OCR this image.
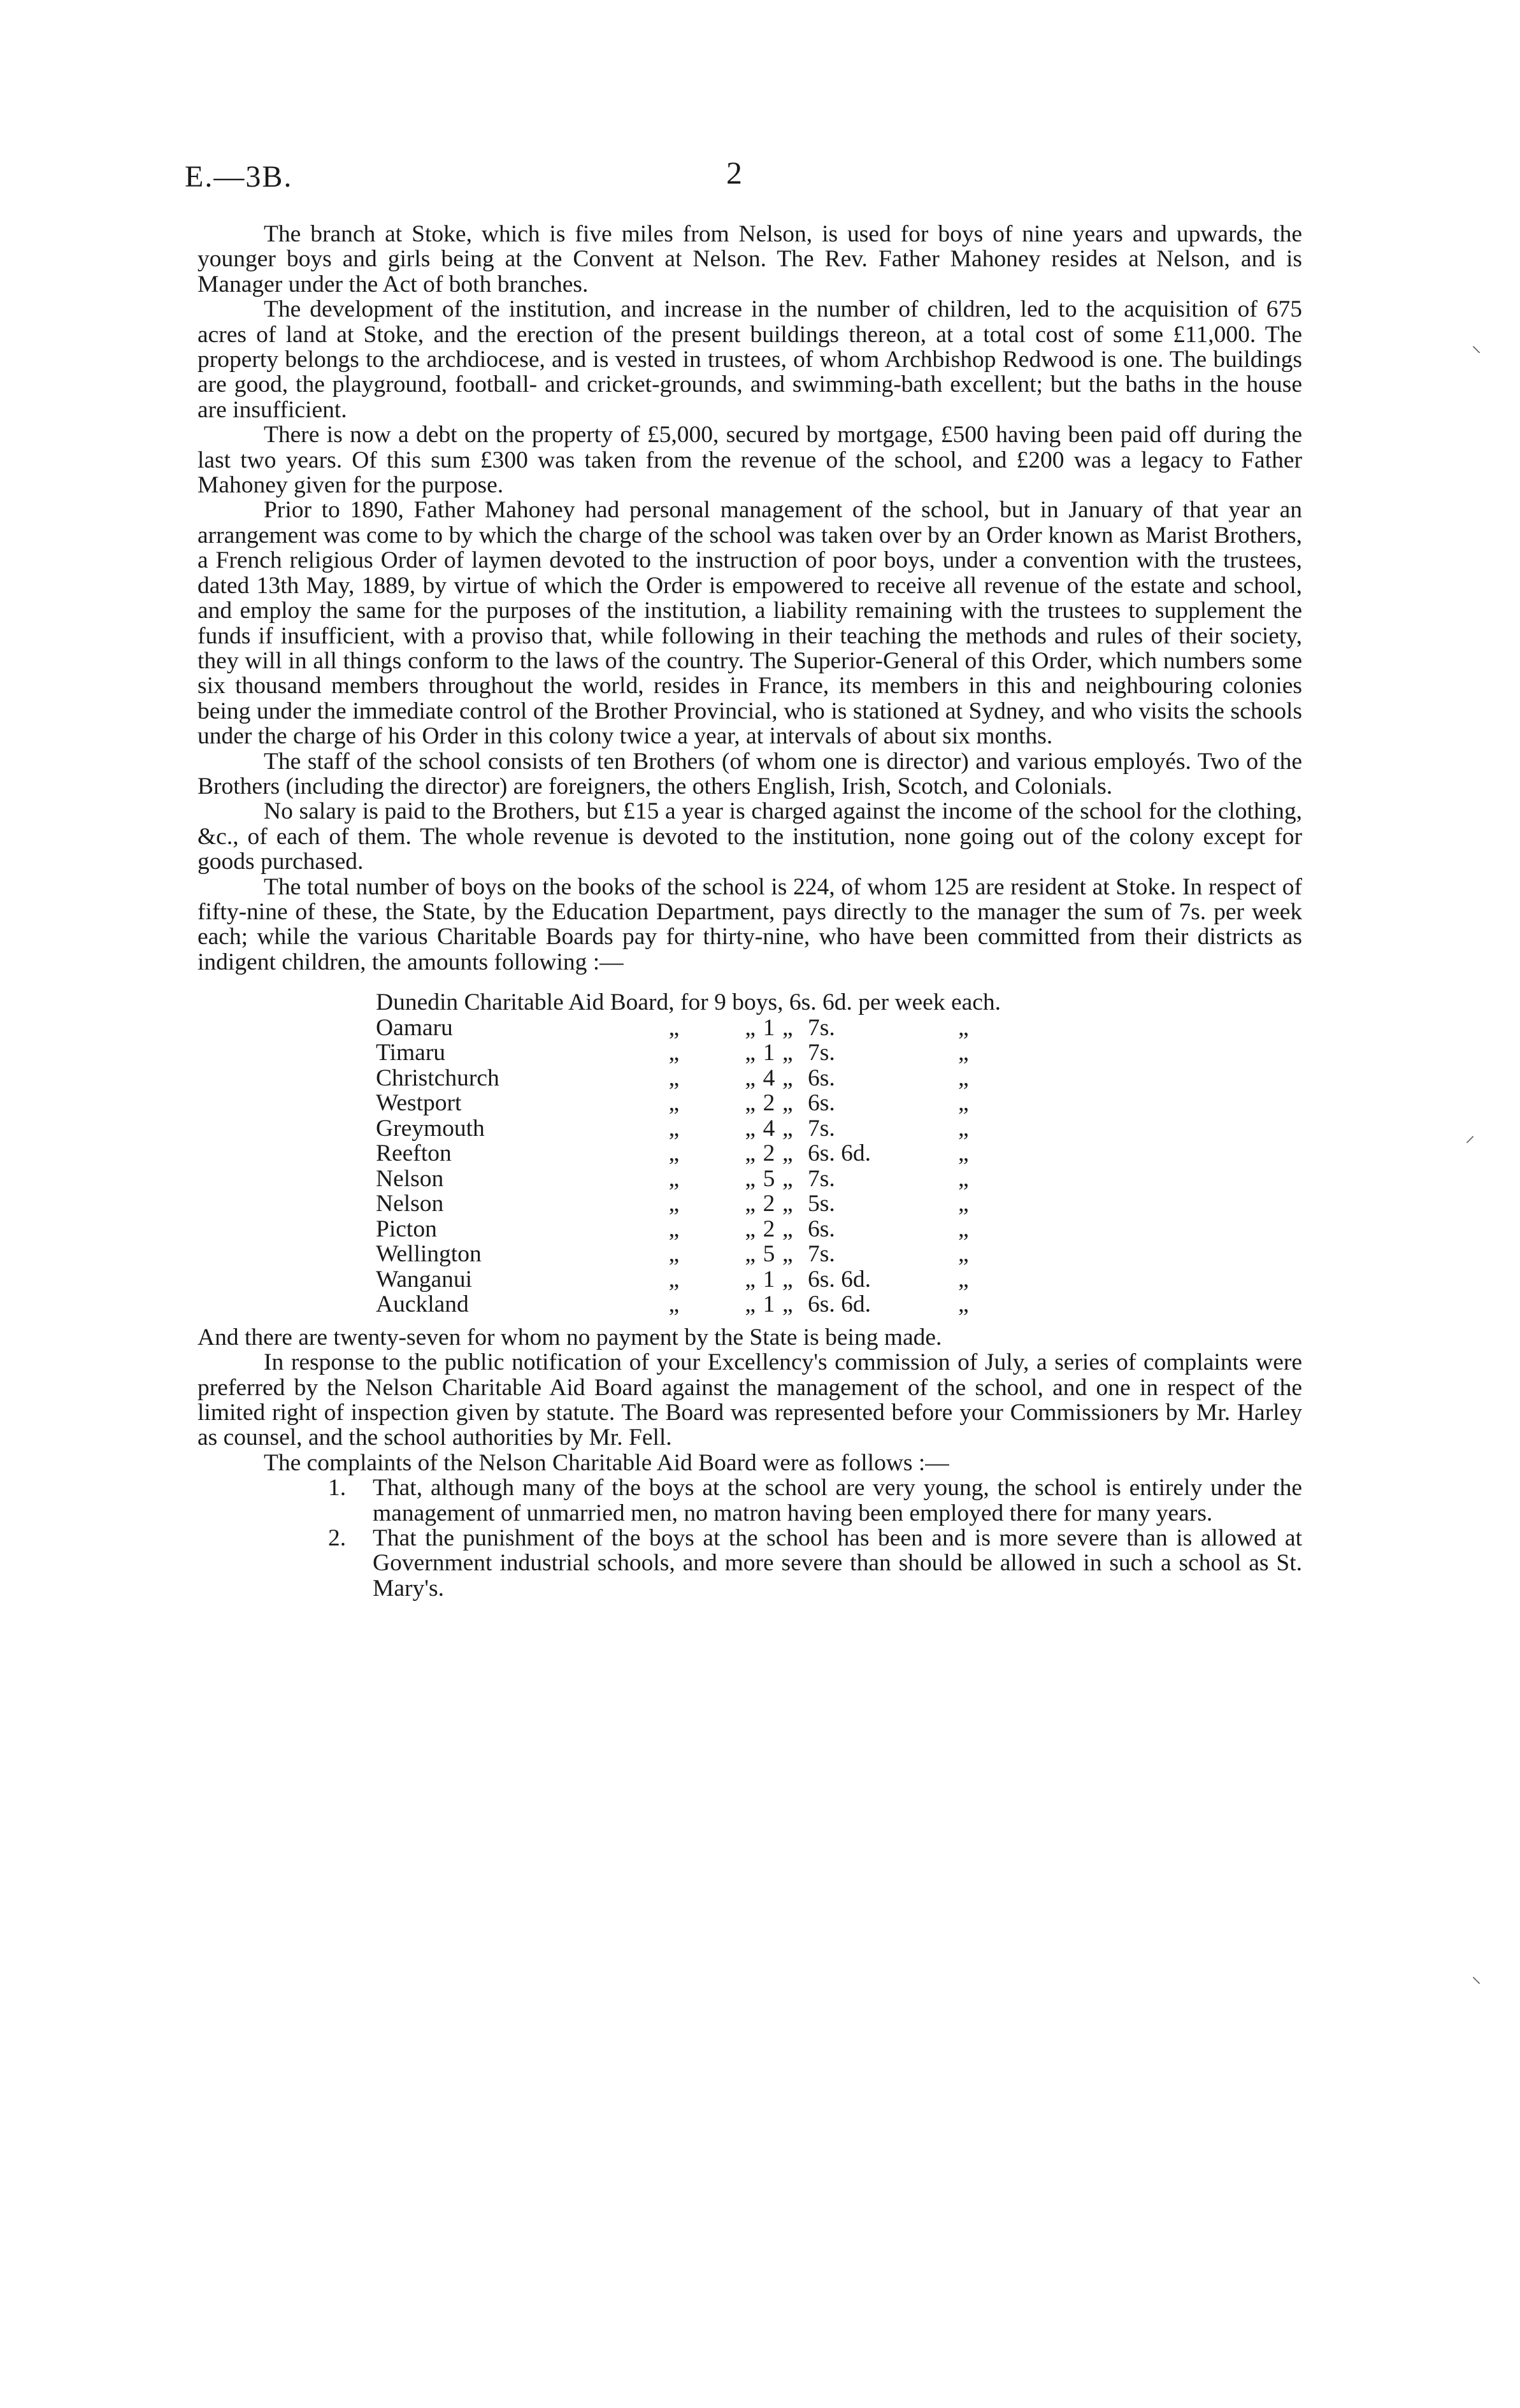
E.—3B.	2

The branch at Stoke, which is five miles from Nelson, is used for boys of nine years and upwards, the younger boys and girls being at the Convent at Nelson. The Rev. Father Mahoney resides at Nelson, and is Manager under the Act of both branches.

The development of the institution, and increase in the number of children, led to the acquisition of 675 acres of land at Stoke, and the erection of the present buildings thereon, at a total cost of some £11,000. The property belongs to the archdiocese, and is vested in trustees, of whom Archbishop Redwood is one. The buildings are good, the playground, football- and cricket-grounds, and swimming-bath excellent; but the baths in the house are insufficient.

There is now a debt on the property of £5,000, secured by mortgage, £500 having been paid off during the last two years. Of this sum £300 was taken from the revenue of the school, and £200 was a legacy to Father Mahoney given for the purpose.

Prior to 1890, Father Mahoney had personal management of the school, but in January of that year an arrangement was come to by which the charge of the school was taken over by an Order known as Marist Brothers, a French religious Order of laymen devoted to the instruction of poor boys, under a convention with the trustees, dated 13th May, 1889, by virtue of which the Order is empowered to receive all revenue of the estate and school, and employ the same for the purposes of the institution, a liability remaining with the trustees to supplement the funds if insufficient, with a proviso that, while following in their teaching the methods and rules of their society, they will in all things conform to the laws of the country. The Superior-General of this Order, which numbers some six thousand members throughout the world, resides in France, its members in this and neighbouring colonies being under the immediate control of the Brother Provincial, who is stationed at Sydney, and who visits the schools under the charge of his Order in this colony twice a year, at intervals of about six months.

The staff of the school consists of ten Brothers (of whom one is director) and various employés. Two of the Brothers (including the director) are foreigners, the others English, Irish, Scotch, and Colonials.

No salary is paid to the Brothers, but £15 a year is charged against the income of the school for the clothing, &c., of each of them. The whole revenue is devoted to the institution, none going out of the colony except for goods purchased.

The total number of boys on the books of the school is 224, of whom 125 are resident at Stoke. In respect of fifty-nine of these, the State, by the Education Department, pays directly to the manager the sum of 7s. per week each; while the various Charitable Boards pay for thirty-nine, who have been committed from their districts as indigent children, the amounts following :—

Dunedin Charitable Aid Board, for 9 boys, 6s. 6d. per week each.						
Oamaru	„	„	1	„	7s.	„
Timaru	„	„	1	„	7s.	„
Christchurch	„	„	4	„	6s.	„
Westport	„	„	2	„	6s.	„
Greymouth	„	„	4	„	7s.	„
Reefton	„	„	2	„	6s. 6d.	„
Nelson	„	„	5	„	7s.	„
Nelson	„	„	2	„	5s.	„
Picton	„	„	2	„	6s.	„
Wellington	„	„	5	„	7s.	„
Wanganui	„	„	1	„	6s. 6d.	„
Auckland	„	„	1	„	6s. 6d.	„

And there are twenty-seven for whom no payment by the State is being made.

In response to the public notification of your Excellency's commission of July, a series of complaints were preferred by the Nelson Charitable Aid Board against the management of the school, and one in respect of the limited right of inspection given by statute. The Board was represented before your Commissioners by Mr. Harley as counsel, and the school authorities by Mr. Fell.

The complaints of the Nelson Charitable Aid Board were as follows :—

1. That, although many of the boys at the school are very young, the school is entirely under the management of unmarried men, no matron having been employed there for many years.
2. That the punishment of the boys at the school has been and is more severe than is allowed at Government industrial schools, and more severe than should be allowed in such a school as St. Mary's.
⸜
⸝
⸜
